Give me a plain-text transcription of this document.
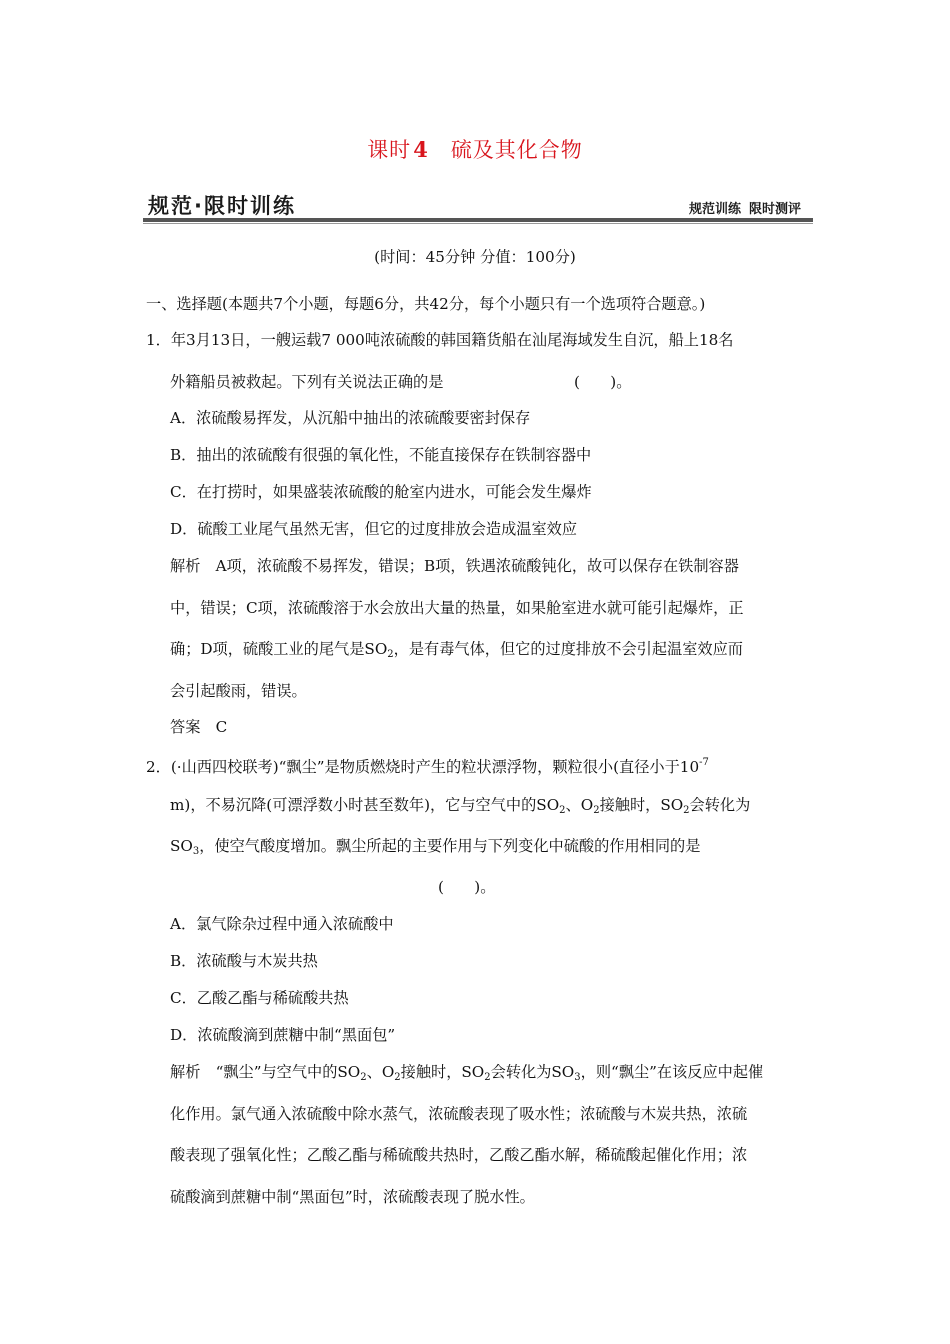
课时4 硫及其化合物
规范·限时训练	规范训练 限时测评
(时间：45分钟 分值：100分)
一、选择题(本题共7个小题，每题6分，共42分，每个小题只有一个选项符合题意。)
1．年3月13日，一艘运载7 000吨浓硫酸的韩国籍货船在汕尾海域发生自沉，船上18名
外籍船员被救起。下列有关说法正确的是	(　　)。
A．浓硫酸易挥发，从沉船中抽出的浓硫酸要密封保存
B．抽出的浓硫酸有很强的氧化性，不能直接保存在铁制容器中
C．在打捞时，如果盛装浓硫酸的舱室内进水，可能会发生爆炸
D．硫酸工业尾气虽然无害，但它的过度排放会造成温室效应
解析　A项，浓硫酸不易挥发，错误；B项，铁遇浓硫酸钝化，故可以保存在铁制容器
中，错误；C项，浓硫酸溶于水会放出大量的热量，如果舱室进水就可能引起爆炸，正
确；D项，硫酸工业的尾气是$SO_2$，是有毒气体，但它的过度排放不会引起温室效应而
会引起酸雨，错误。
答案　C
2．(·山西四校联考)“飘尘”是物质燃烧时产生的粒状漂浮物，颗粒很小(直径小于$10^{-7}$
m)，不易沉降(可漂浮数小时甚至数年)，它与空气中的$SO_2$、$O_2$接触时，$SO_2$会转化为
$SO_3$，使空气酸度增加。飘尘所起的主要作用与下列变化中硫酸的作用相同的是
(　　)。
A．氯气除杂过程中通入浓硫酸中
B．浓硫酸与木炭共热
C．乙酸乙酯与稀硫酸共热
D．浓硫酸滴到蔗糖中制“黑面包”
解析　“飘尘”与空气中的$SO_2$、$O_2$接触时，$SO_2$会转化为$SO_3$，则“飘尘”在该反应中起催
化作用。氯气通入浓硫酸中除水蒸气，浓硫酸表现了吸水性；浓硫酸与木炭共热，浓硫
酸表现了强氧化性；乙酸乙酯与稀硫酸共热时，乙酸乙酯水解，稀硫酸起催化作用；浓
硫酸滴到蔗糖中制“黑面包”时，浓硫酸表现了脱水性。
